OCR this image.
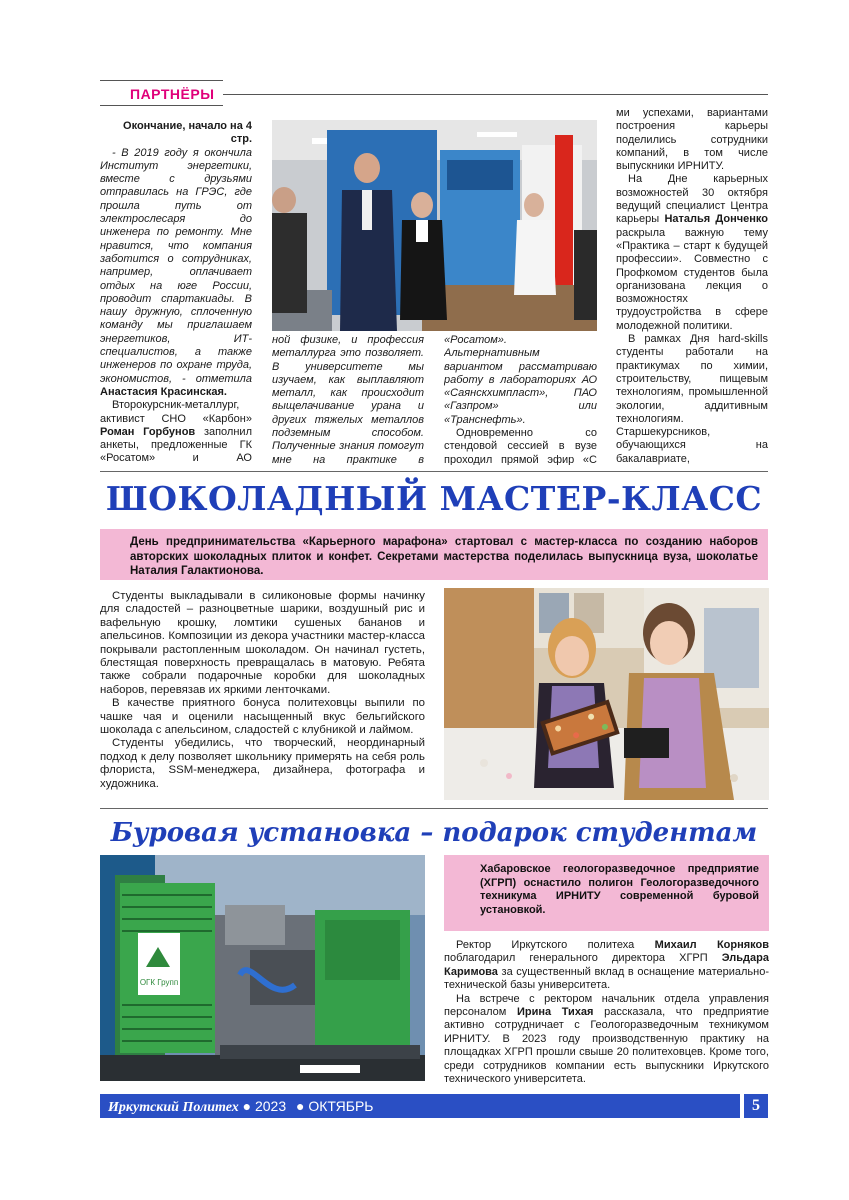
ПАРТНЁРЫ

Окончание, начало на 4 стр.

- В 2019 году я окончила Институт энергетики, вместе с друзьями отправилась на ГРЭС, где прошла путь от электрослесаря до инженера по ремонту. Мне нравится, что компания заботится о сотрудниках, например, оплачивает отдых на юге России, проводит спартакиады. В нашу дружную, сплоченную команду мы приглашаем энергетиков, ИТ-специалистов, а также инженеров по охране труда, экономистов, - отметила Анастасия Красинская.

Второкурсник-металлург, активист СНО «Карбон» Роман Горбунов заполнил анкеты, предложенные ГК «Росатом» и АО

ной физике, и профессия металлурга это позволяет. В университете мы изучаем, как выплавляют металл, как происходит выщелачивание урана и других тяжелых металлов подземным способом. Полученные знания помогут мне на практике в

«Росатом». Альтернативным вариантом рассматриваю работу в лабораториях АО «Саянскхимпласт», ПАО «Газпром» или «Транснефть».

Одновременно со стендовой сессией в вузе проходил прямой эфир «С

ми успехами, вариантами построения карьеры поделились сотрудники компаний, в том числе выпускники ИРНИТУ.

На Дне карьерных возможностей 30 октября ведущий специалист Центра карьеры Наталья Донченко раскрыла важную тему «Практика – старт к будущей профессии». Совместно с Профкомом студентов была организована лекция о возможностях трудоустройства в сфере молодежной политики.

В рамках Дня hard-skills студенты работали на практикумах по химии, строительству, пищевым технологиям, промышленной экологии, аддитивным технологиям. Старшекурсников, обучающихся на бакалавриате,

ШОКОЛАДНЫЙ МАСТЕР-КЛАСС
День предпринимательства «Карьерного марафона» стартовал с мастер-класса по созданию наборов авторских шоколадных плиток и конфет. Секретами мастерства поделилась выпускница вуза, шоколатье Наталия Галактионова.

Студенты выкладывали в силиконовые формы начинку для сладостей – разноцветные шарики, воздушный рис и вафельную крошку, ломтики сушеных бананов и апельсинов. Композиции из декора участники мастер-класса покрывали растопленным шоколадом. Он начинал густеть, блестящая поверхность превращалась в матовую. Ребята также собрали подарочные коробки для шоколадных наборов, перевязав их яркими ленточками.

В качестве приятного бонуса политеховцы выпили по чашке чая и оценили насыщенный вкус бельгийского шоколада с апельсином, сладостей с клубникой и лаймом.

Студенты убедились, что творческий, неординарный подход к делу позволяет школьнику примерять на себя роль флориста, SSM-менеджера, дизайнера, фотографа и художника.

Буровая установка – подарок студентам
ОГК Групп
Хабаровское геологоразведочное предприятие (ХГРП) оснастило полигон Геологоразведочного техникума ИРНИТУ современной буровой установкой.

Ректор Иркутского политеха Михаил Корняков поблагодарил генерального директора ХГРП Эльдара Каримова за существенный вклад в оснащение материально-технической базы университета.

На встрече с ректором начальник отдела управления персоналом Ирина Тихая рассказала, что предприятие активно сотрудничает с Геологоразведочным техникумом ИРНИТУ. В 2023 году производственную практику на площадках ХГРП прошли свыше 20 политеховцев. Кроме того, среди сотрудников компании есть выпускники Иркутского технического университета.

Иркутский Политех ● 2023 ● ОКТЯБРЬ	5
